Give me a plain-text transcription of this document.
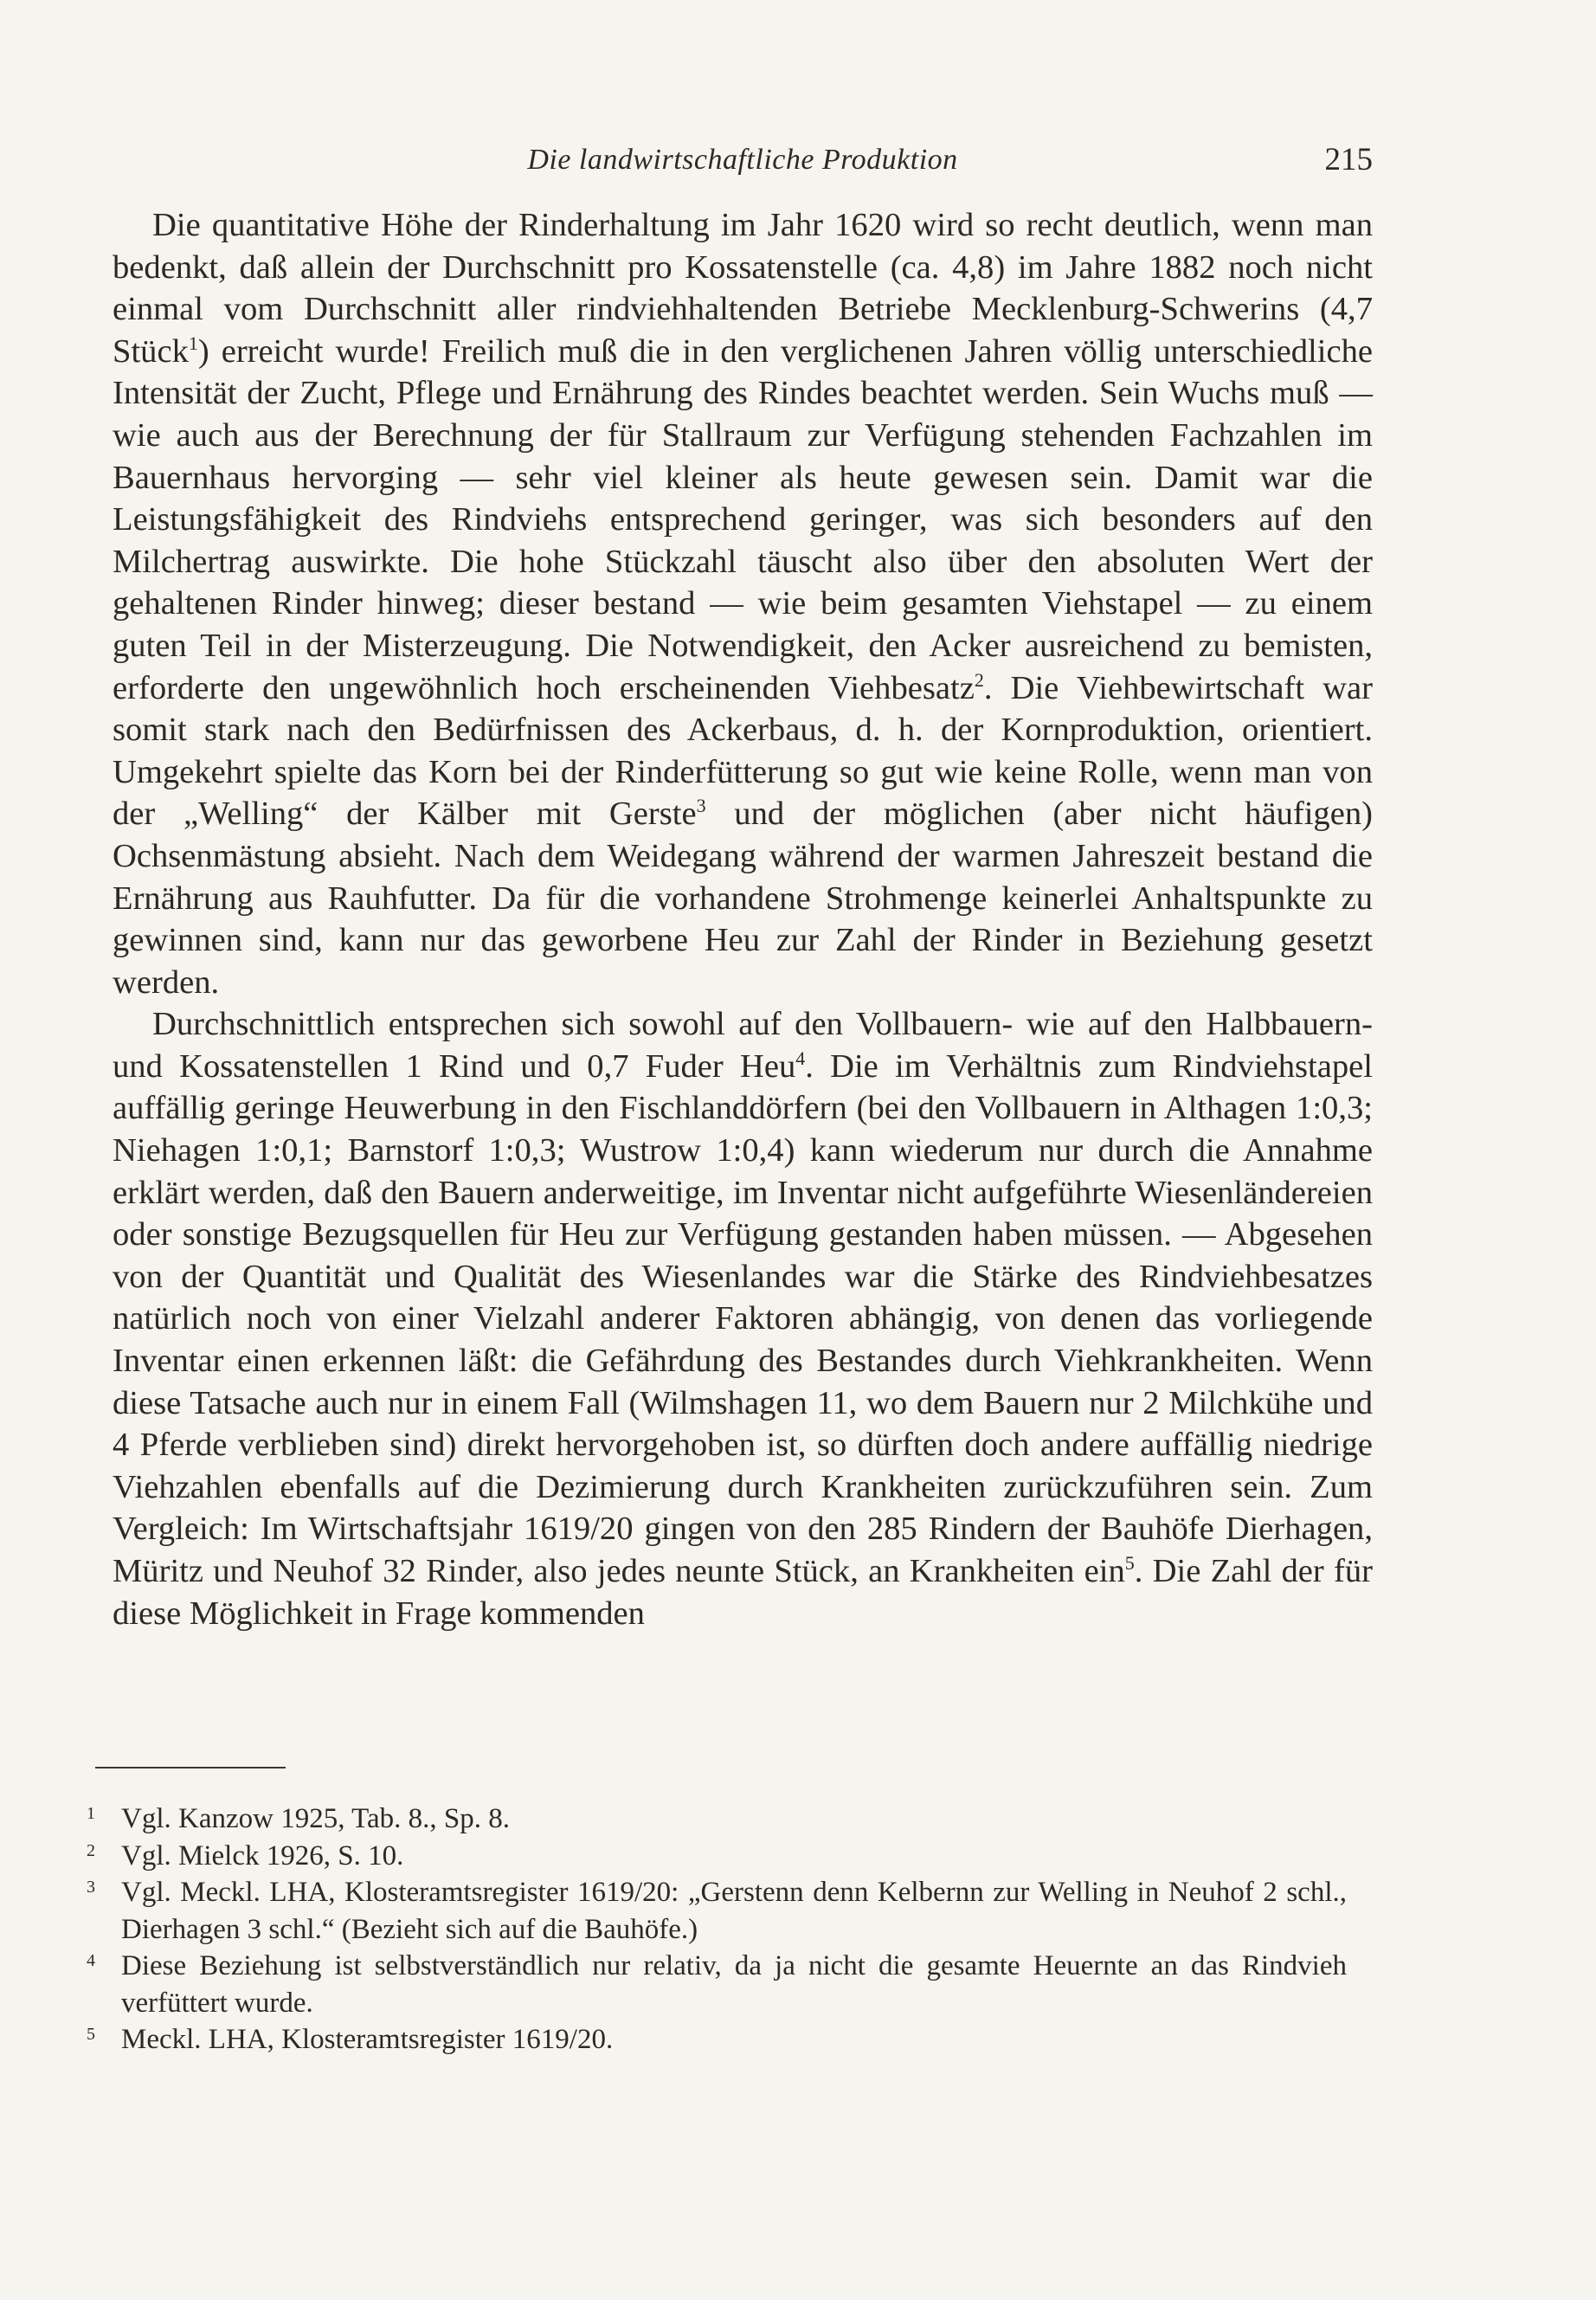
Die landwirtschaftliche Produktion	215

Die quantitative Höhe der Rinderhaltung im Jahr 1620 wird so recht deutlich, wenn man bedenkt, daß allein der Durchschnitt pro Kossatenstelle (ca. 4,8) im Jahre 1882 noch nicht einmal vom Durchschnitt aller rindviehhaltenden Betriebe Mecklenburg-Schwerins (4,7 Stück$^1$) erreicht wurde! Freilich muß die in den verglichenen Jahren völlig unterschiedliche Intensität der Zucht, Pflege und Ernährung des Rindes beachtet werden. Sein Wuchs muß — wie auch aus der Berechnung der für Stallraum zur Verfügung stehenden Fachzahlen im Bauernhaus hervorging — sehr viel kleiner als heute gewesen sein. Damit war die Leistungsfähigkeit des Rindviehs entsprechend geringer, was sich besonders auf den Milchertrag auswirkte. Die hohe Stückzahl täuscht also über den absoluten Wert der gehaltenen Rinder hinweg; dieser bestand — wie beim gesamten Viehstapel — zu einem guten Teil in der Misterzeugung. Die Notwendigkeit, den Acker ausreichend zu bemisten, erforderte den ungewöhnlich hoch erscheinenden Viehbesatz$^2$. Die Viehbewirtschaft war somit stark nach den Bedürfnissen des Ackerbaus, d. h. der Kornproduktion, orientiert. Umgekehrt spielte das Korn bei der Rinderfütterung so gut wie keine Rolle, wenn man von der „Welling“ der Kälber mit Gerste$^3$ und der möglichen (aber nicht häufigen) Ochsenmästung absieht. Nach dem Weidegang während der warmen Jahreszeit bestand die Ernährung aus Rauhfutter. Da für die vorhandene Strohmenge keinerlei Anhaltspunkte zu gewinnen sind, kann nur das geworbene Heu zur Zahl der Rinder in Beziehung gesetzt werden.

Durchschnittlich entsprechen sich sowohl auf den Vollbauern- wie auf den Halbbauern- und Kossatenstellen 1 Rind und 0,7 Fuder Heu$^4$. Die im Verhältnis zum Rindviehstapel auffällig geringe Heuwerbung in den Fischlanddörfern (bei den Vollbauern in Althagen 1:0,3; Niehagen 1:0,1; Barnstorf 1:0,3; Wustrow 1:0,4) kann wiederum nur durch die Annahme erklärt werden, daß den Bauern anderweitige, im Inventar nicht aufgeführte Wiesenländereien oder sonstige Bezugsquellen für Heu zur Verfügung gestanden haben müssen. — Abgesehen von der Quantität und Qualität des Wiesenlandes war die Stärke des Rindviehbesatzes natürlich noch von einer Vielzahl anderer Faktoren abhängig, von denen das vorliegende Inventar einen erkennen läßt: die Gefährdung des Bestandes durch Viehkrankheiten. Wenn diese Tatsache auch nur in einem Fall (Wilmshagen 11, wo dem Bauern nur 2 Milchkühe und 4 Pferde verblieben sind) direkt hervorgehoben ist, so dürften doch andere auffällig niedrige Viehzahlen ebenfalls auf die Dezimierung durch Krankheiten zurückzuführen sein. Zum Vergleich: Im Wirtschaftsjahr 1619/20 gingen von den 285 Rindern der Bauhöfe Dierhagen, Müritz und Neuhof 32 Rinder, also jedes neunte Stück, an Krankheiten ein$^5$. Die Zahl der für diese Möglichkeit in Frage kommenden

1 Vgl. Kanzow 1925, Tab. 8., Sp. 8.
2 Vgl. Mielck 1926, S. 10.
3 Vgl. Meckl. LHA, Klosteramtsregister 1619/20: „Gerstenn denn Kelbernn zur Welling in Neuhof 2 schl., Dierhagen 3 schl.“ (Bezieht sich auf die Bauhöfe.)
4 Diese Beziehung ist selbstverständlich nur relativ, da ja nicht die gesamte Heuernte an das Rindvieh verfüttert wurde.
5 Meckl. LHA, Klosteramtsregister 1619/20.
